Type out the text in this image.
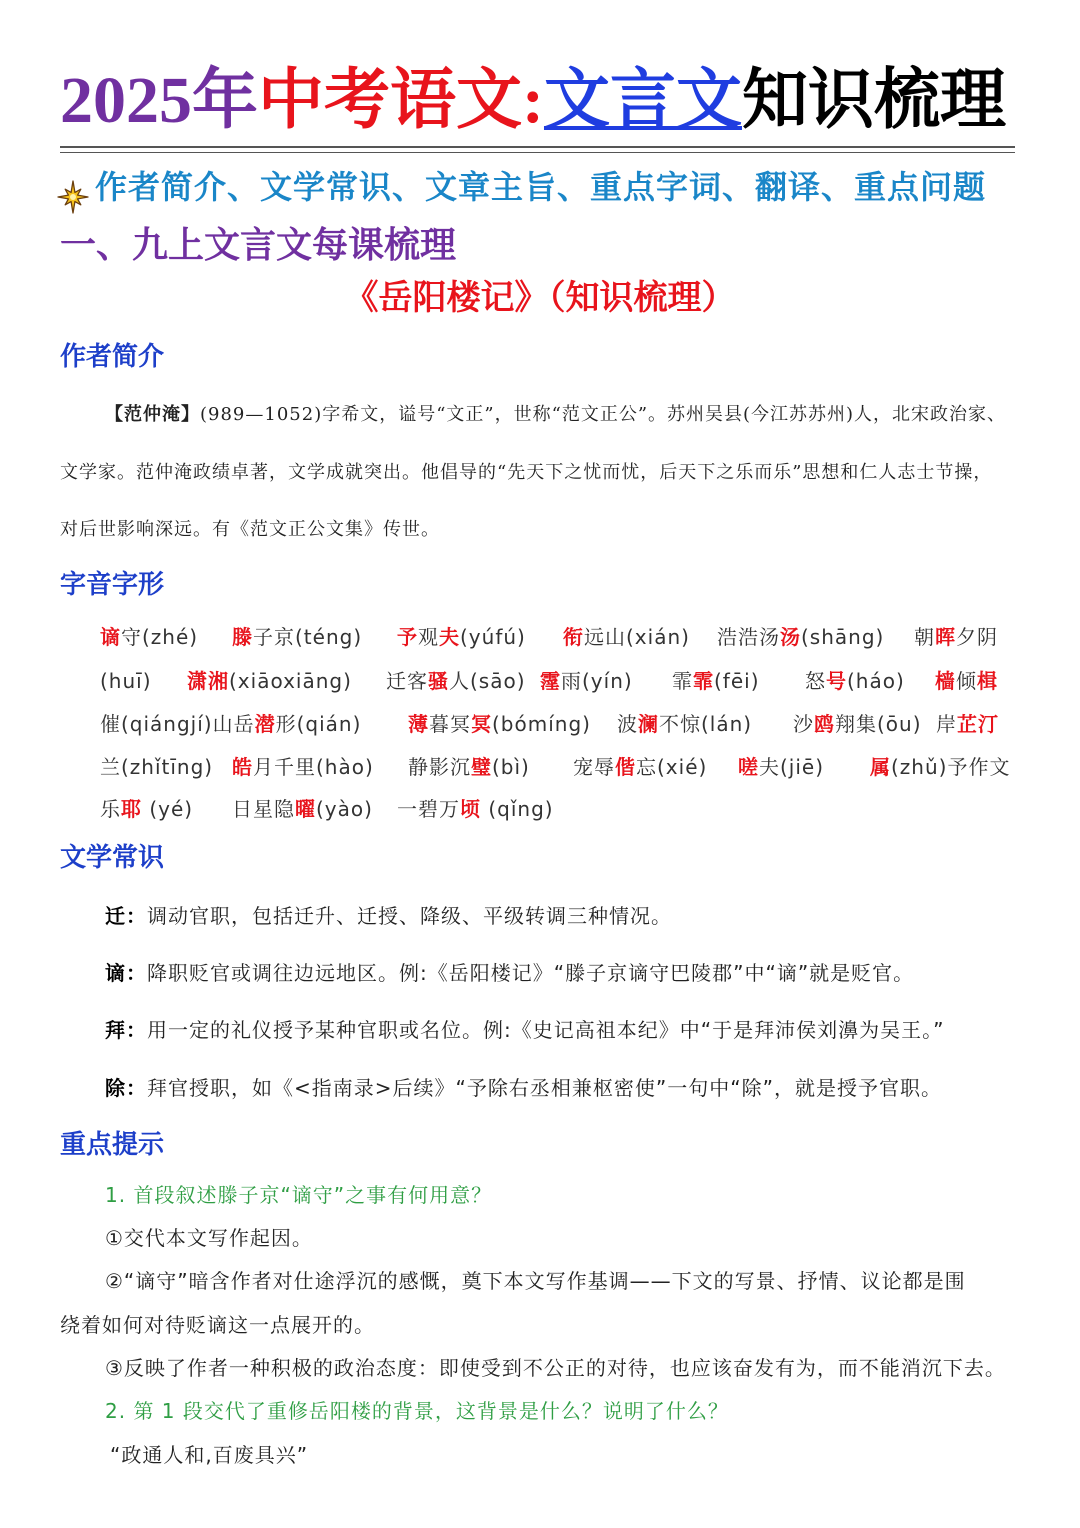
2025年中考语文:文言文知识梳理
作者简介、文学常识、文章主旨、重点字词、翻译、重点问题
一、九上文言文每课梳理
《岳阳楼记》（知识梳理）
作者简介
【范仲淹】(989—1052)字希文，谥号“文正”，世称“范文正公”。苏州吴县(今江苏苏州)人，北宋政治家、
文学家。范仲淹政绩卓著，文学成就突出。他倡导的“先天下之忧而忧，后天下之乐而乐”思想和仁人志士节操，
对后世影响深远。有《范文正公文集》传世。
字音字形
谪守(zhé) 滕子京(téng) 予观夫(yúfú) 衔远山(xián) 浩浩汤汤(shāng) 朝晖夕阴
(huī) 潇湘(xiāoxiāng) 迁客骚人(sāo) 霪雨(yín) 霏霏(fēi) 怒号(háo) 樯倾楫
催(qiángjí)山岳潜形(qián) 薄暮冥冥(bómíng) 波澜不惊(lán) 沙鸥翔集(ōu) 岸芷汀
兰(zhǐtīng) 皓月千里(hào) 静影沉璧(bì) 宠辱偕忘(xié) 嗟夫(jiē) 属(zhǔ)予作文
乐耶 (yé) 日星隐曜(yào) 一碧万顷 (qǐng)
文学常识
迁：调动官职，包括迁升、迁授、降级、平级转调三种情况。
谪：降职贬官或调往边远地区。例:《岳阳楼记》“滕子京谪守巴陵郡”中“谪”就是贬官。
拜：用一定的礼仪授予某种官职或名位。例:《史记高祖本纪》中“于是拜沛侯刘濞为吴王。”
除：拜官授职，如《<指南录>后续》“予除右丞相兼枢密使”一句中“除”，就是授予官职。
重点提示
1. 首段叙述滕子京“谪守”之事有何用意？
①交代本文写作起因。
②“谪守”暗含作者对仕途浮沉的感慨，奠下本文写作基调——下文的写景、抒情、议论都是围
绕着如何对待贬谪这一点展开的。
③反映了作者一种积极的政治态度：即使受到不公正的对待，也应该奋发有为，而不能消沉下去。
2. 第 1 段交代了重修岳阳楼的背景，这背景是什么？说明了什么？
“政通人和,百废具兴”
